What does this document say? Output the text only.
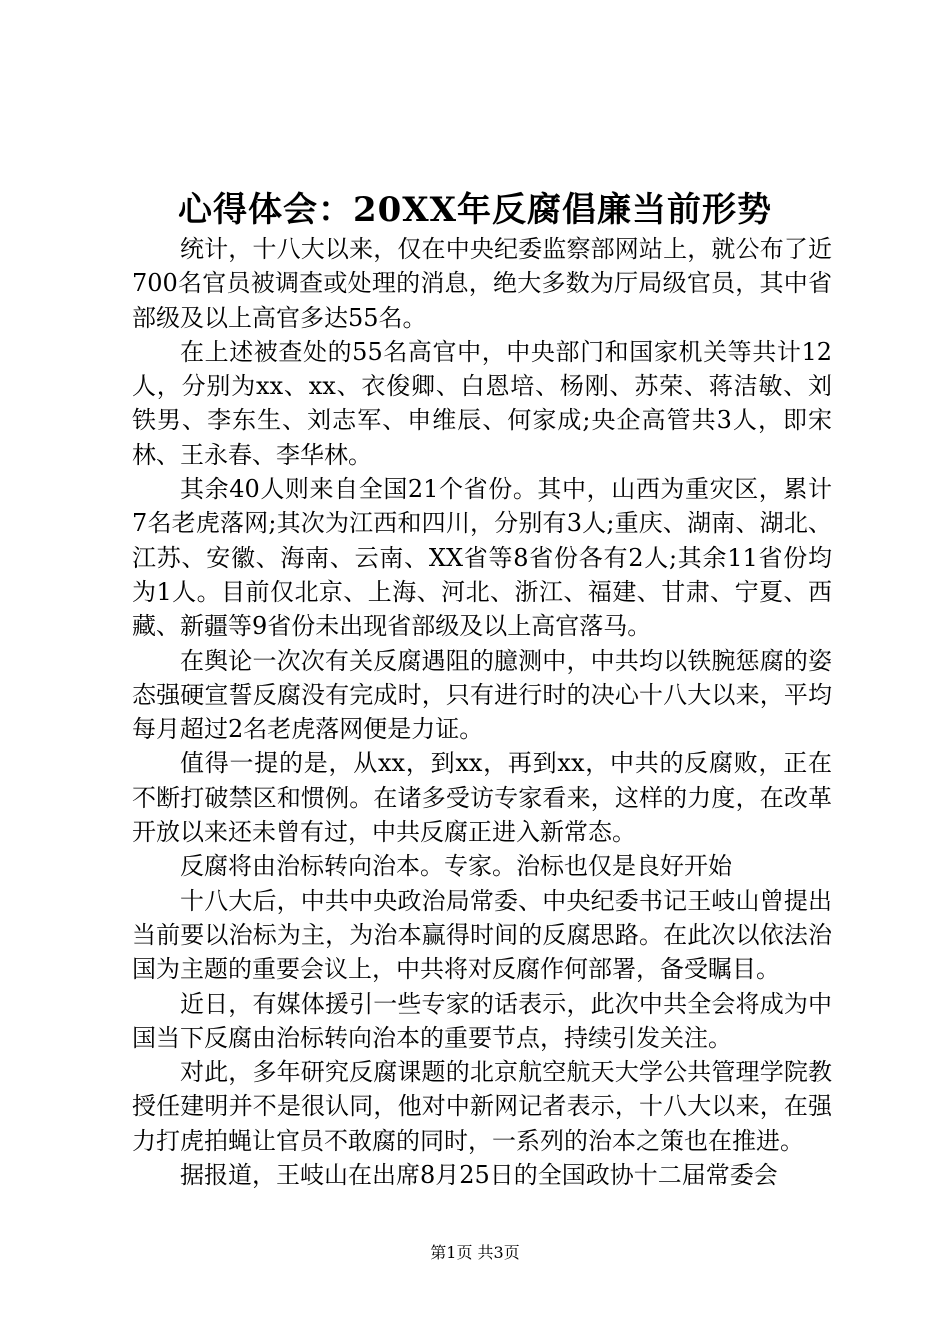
心得体会：20XX年反腐倡廉当前形势

统计，十八大以来，仅在中央纪委监察部网站上，就公布了近700名官员被调查或处理的消息，绝大多数为厅局级官员，其中省部级及以上高官多达55名。

在上述被查处的55名高官中，中央部门和国家机关等共计12人，分别为xx、xx、衣俊卿、白恩培、杨刚、苏荣、蒋洁敏、刘铁男、李东生、刘志军、申维辰、何家成;央企高管共3人，即宋林、王永春、李华林。

其余40人则来自全国21个省份。其中，山西为重灾区，累计7名老虎落网;其次为江西和四川，分别有3人;重庆、湖南、湖北、江苏、安徽、海南、云南、XX省等8省份各有2人;其余11省份均为1人。目前仅北京、上海、河北、浙江、福建、甘肃、宁夏、西藏、新疆等9省份未出现省部级及以上高官落马。

在舆论一次次有关反腐遇阻的臆测中，中共均以铁腕惩腐的姿态强硬宣誓反腐没有完成时，只有进行时的决心十八大以来，平均每月超过2名老虎落网便是力证。

值得一提的是，从xx，到xx，再到xx，中共的反腐败，正在不断打破禁区和惯例。在诸多受访专家看来，这样的力度，在改革开放以来还未曾有过，中共反腐正进入新常态。

反腐将由治标转向治本。专家。治标也仅是良好开始

十八大后，中共中央政治局常委、中央纪委书记王岐山曾提出当前要以治标为主，为治本赢得时间的反腐思路。在此次以依法治国为主题的重要会议上，中共将对反腐作何部署，备受瞩目。

近日，有媒体援引一些专家的话表示，此次中共全会将成为中国当下反腐由治标转向治本的重要节点，持续引发关注。

对此，多年研究反腐课题的北京航空航天大学公共管理学院教授任建明并不是很认同，他对中新网记者表示，十八大以来，在强力打虎拍蝇让官员不敢腐的同时，一系列的治本之策也在推进。

据报道，王岐山在出席8月25日的全国政协十二届常委会

第1页 共3页
